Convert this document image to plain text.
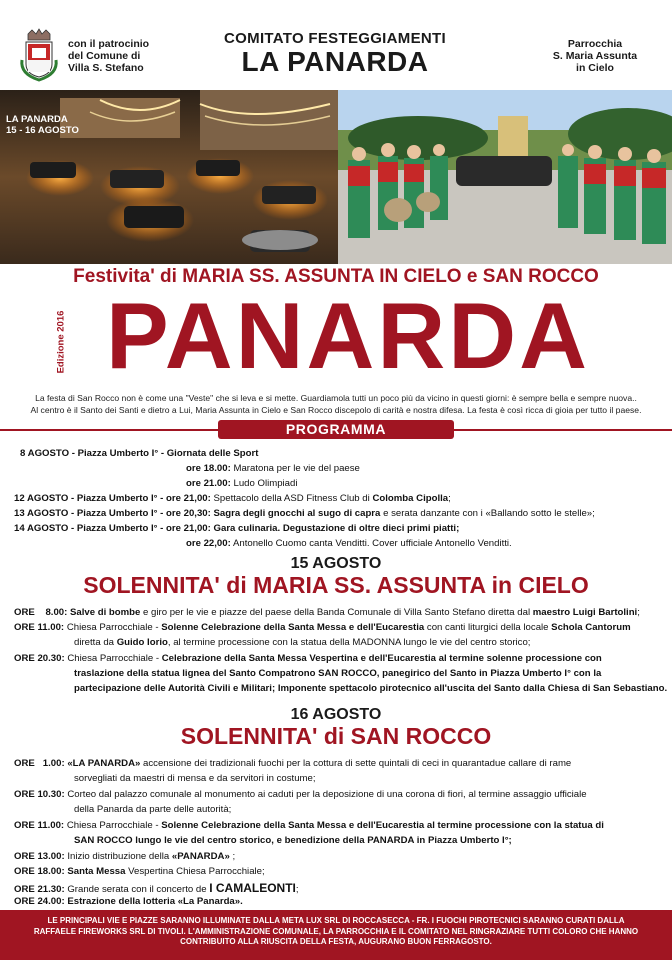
con il patrocinio
del Comune di
Villa S. Stefano
COMITATO FESTEGGIAMENTI
LA PANARDA
Parrocchia
S. Maria Assunta
in Cielo
LA PANARDA
15 - 16 AGOSTO
Festivita' di MARIA SS. ASSUNTA IN CIELO e SAN ROCCO
Edizione 2016 PANARDA
La festa di San Rocco non è come una "Veste" che si leva e si mette. Guardiamola tutti un poco più da vicino in questi giorni: è sempre bella e sempre nuova..
Al centro è il Santo dei Santi e dietro a Lui, Maria Assunta in Cielo e San Rocco discepolo di carità e nostra difesa. La festa è così ricca di gioia per tutto il paese.
PROGRAMMA
8 AGOSTO - Piazza Umberto I° - Giornata delle Sport
ore 18.00: Maratona per le vie del paese
ore 21.00: Ludo Olimpiadi
12 AGOSTO - Piazza Umberto I° - ore 21,00: Spettacolo della ASD Fitness Club di Colomba Cipolla;
13 AGOSTO - Piazza Umberto I° - ore 20,30: Sagra degli gnocchi al sugo di capra e serata danzante con i «Ballando sotto le stelle»;
14 AGOSTO - Piazza Umberto I° - ore 21,00: Gara culinaria. Degustazione di oltre dieci primi piatti;
ore 22,00: Antonello Cuomo canta Venditti. Cover ufficiale Antonello Venditti.
15 AGOSTO
SOLENNITA' di MARIA SS. ASSUNTA in CIELO
ORE    8.00: Salve di bombe e giro per le vie e piazze del paese della Banda Comunale di Villa Santo Stefano diretta dal maestro Luigi Bartolini;
ORE 11.00: Chiesa Parrocchiale - Solenne Celebrazione della Santa Messa e dell'Eucarestia con canti liturgici della locale Schola Cantorum
diretta da Guido Iorio, al termine processione con la statua della MADONNA lungo le vie del centro storico;
ORE 20.30: Chiesa Parrocchiale - Celebrazione della Santa Messa Vespertina e dell'Eucarestia al termine solenne processione con
traslazione della statua lignea del Santo Compatrono SAN ROCCO, panegirico del Santo in Piazza Umberto I° con la
partecipazione delle Autorità Civili e Militari; Imponente spettacolo pirotecnico all'uscita del Santo dalla Chiesa di San Sebastiano.
16 AGOSTO
SOLENNITA' di SAN ROCCO
ORE   1.00: «LA PANARDA» accensione dei tradizionali fuochi per la cottura di sette quintali di ceci in quarantadue callare di rame
sorvegliati da maestri di mensa e da servitori in costume;
ORE 10.30: Corteo dal palazzo comunale al monumento ai caduti per la deposizione di una corona di fiori, al termine assaggio ufficiale
della Panarda da parte delle autorità;
ORE 11.00: Chiesa Parrocchiale - Solenne Celebrazione della Santa Messa e dell'Eucarestia al termine processione con la statua di
SAN ROCCO lungo le vie del centro storico, e benedizione della PANARDA in Piazza Umberto I°;
ORE 13.00: Inizio distribuzione della «PANARDA» ;
ORE 18.00: Santa Messa Vespertina Chiesa Parrocchiale;
ORE 21.30: Grande serata con il concerto de I CAMALEONTI;
ORE 24.00: Estrazione della lotteria «La Panarda».
LE PRINCIPALI VIE E PIAZZE SARANNO ILLUMINATE DALLA META LUX SRL DI ROCCASECCA - FR. I FUOCHI PIROTECNICI SARANNO CURATI DALLA
RAFFAELE FIREWORKS SRL DI TIVOLI. L'AMMINISTRAZIONE COMUNALE, LA PARROCCHIA E IL COMITATO NEL RINGRAZIARE TUTTI COLORO CHE HANNO
CONTRIBUITO ALLA RIUSCITA DELLA FESTA, AUGURANO BUON FERRAGOSTO.
